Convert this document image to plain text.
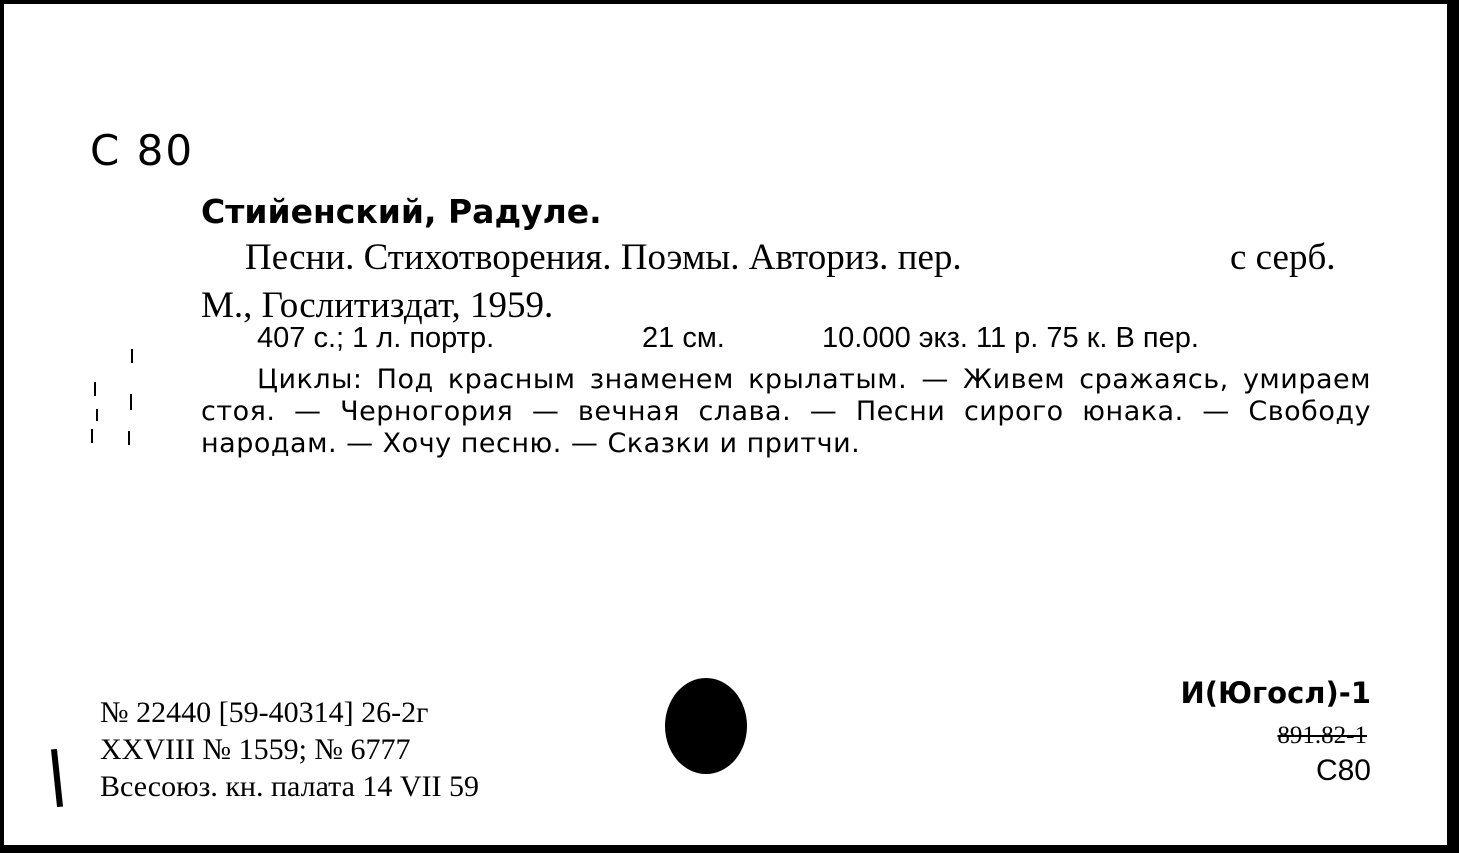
С 80
Стийенский, Радуле.
Песни. Стихотворения. Поэмы. Авториз. пер.	с серб.
М., Гослитиздат, 1959.
407 с.; 1 л. портр.	21 см.	10.000 экз. 11 р. 75 к. В пер.
Циклы: Под красным знаменем крылатым. — Живем сражаясь, умираем стоя. — Черногория — вечная слава. — Песни сирого юнака. — Свободу народам. — Хочу песню. — Сказки и притчи.
№ 22440 [59-40314] 26-2г
XXVIII № 1559; № 6777
Всесоюз. кн. палата 14 VII 59
И(Югосл)-1
891.82-1
С80
